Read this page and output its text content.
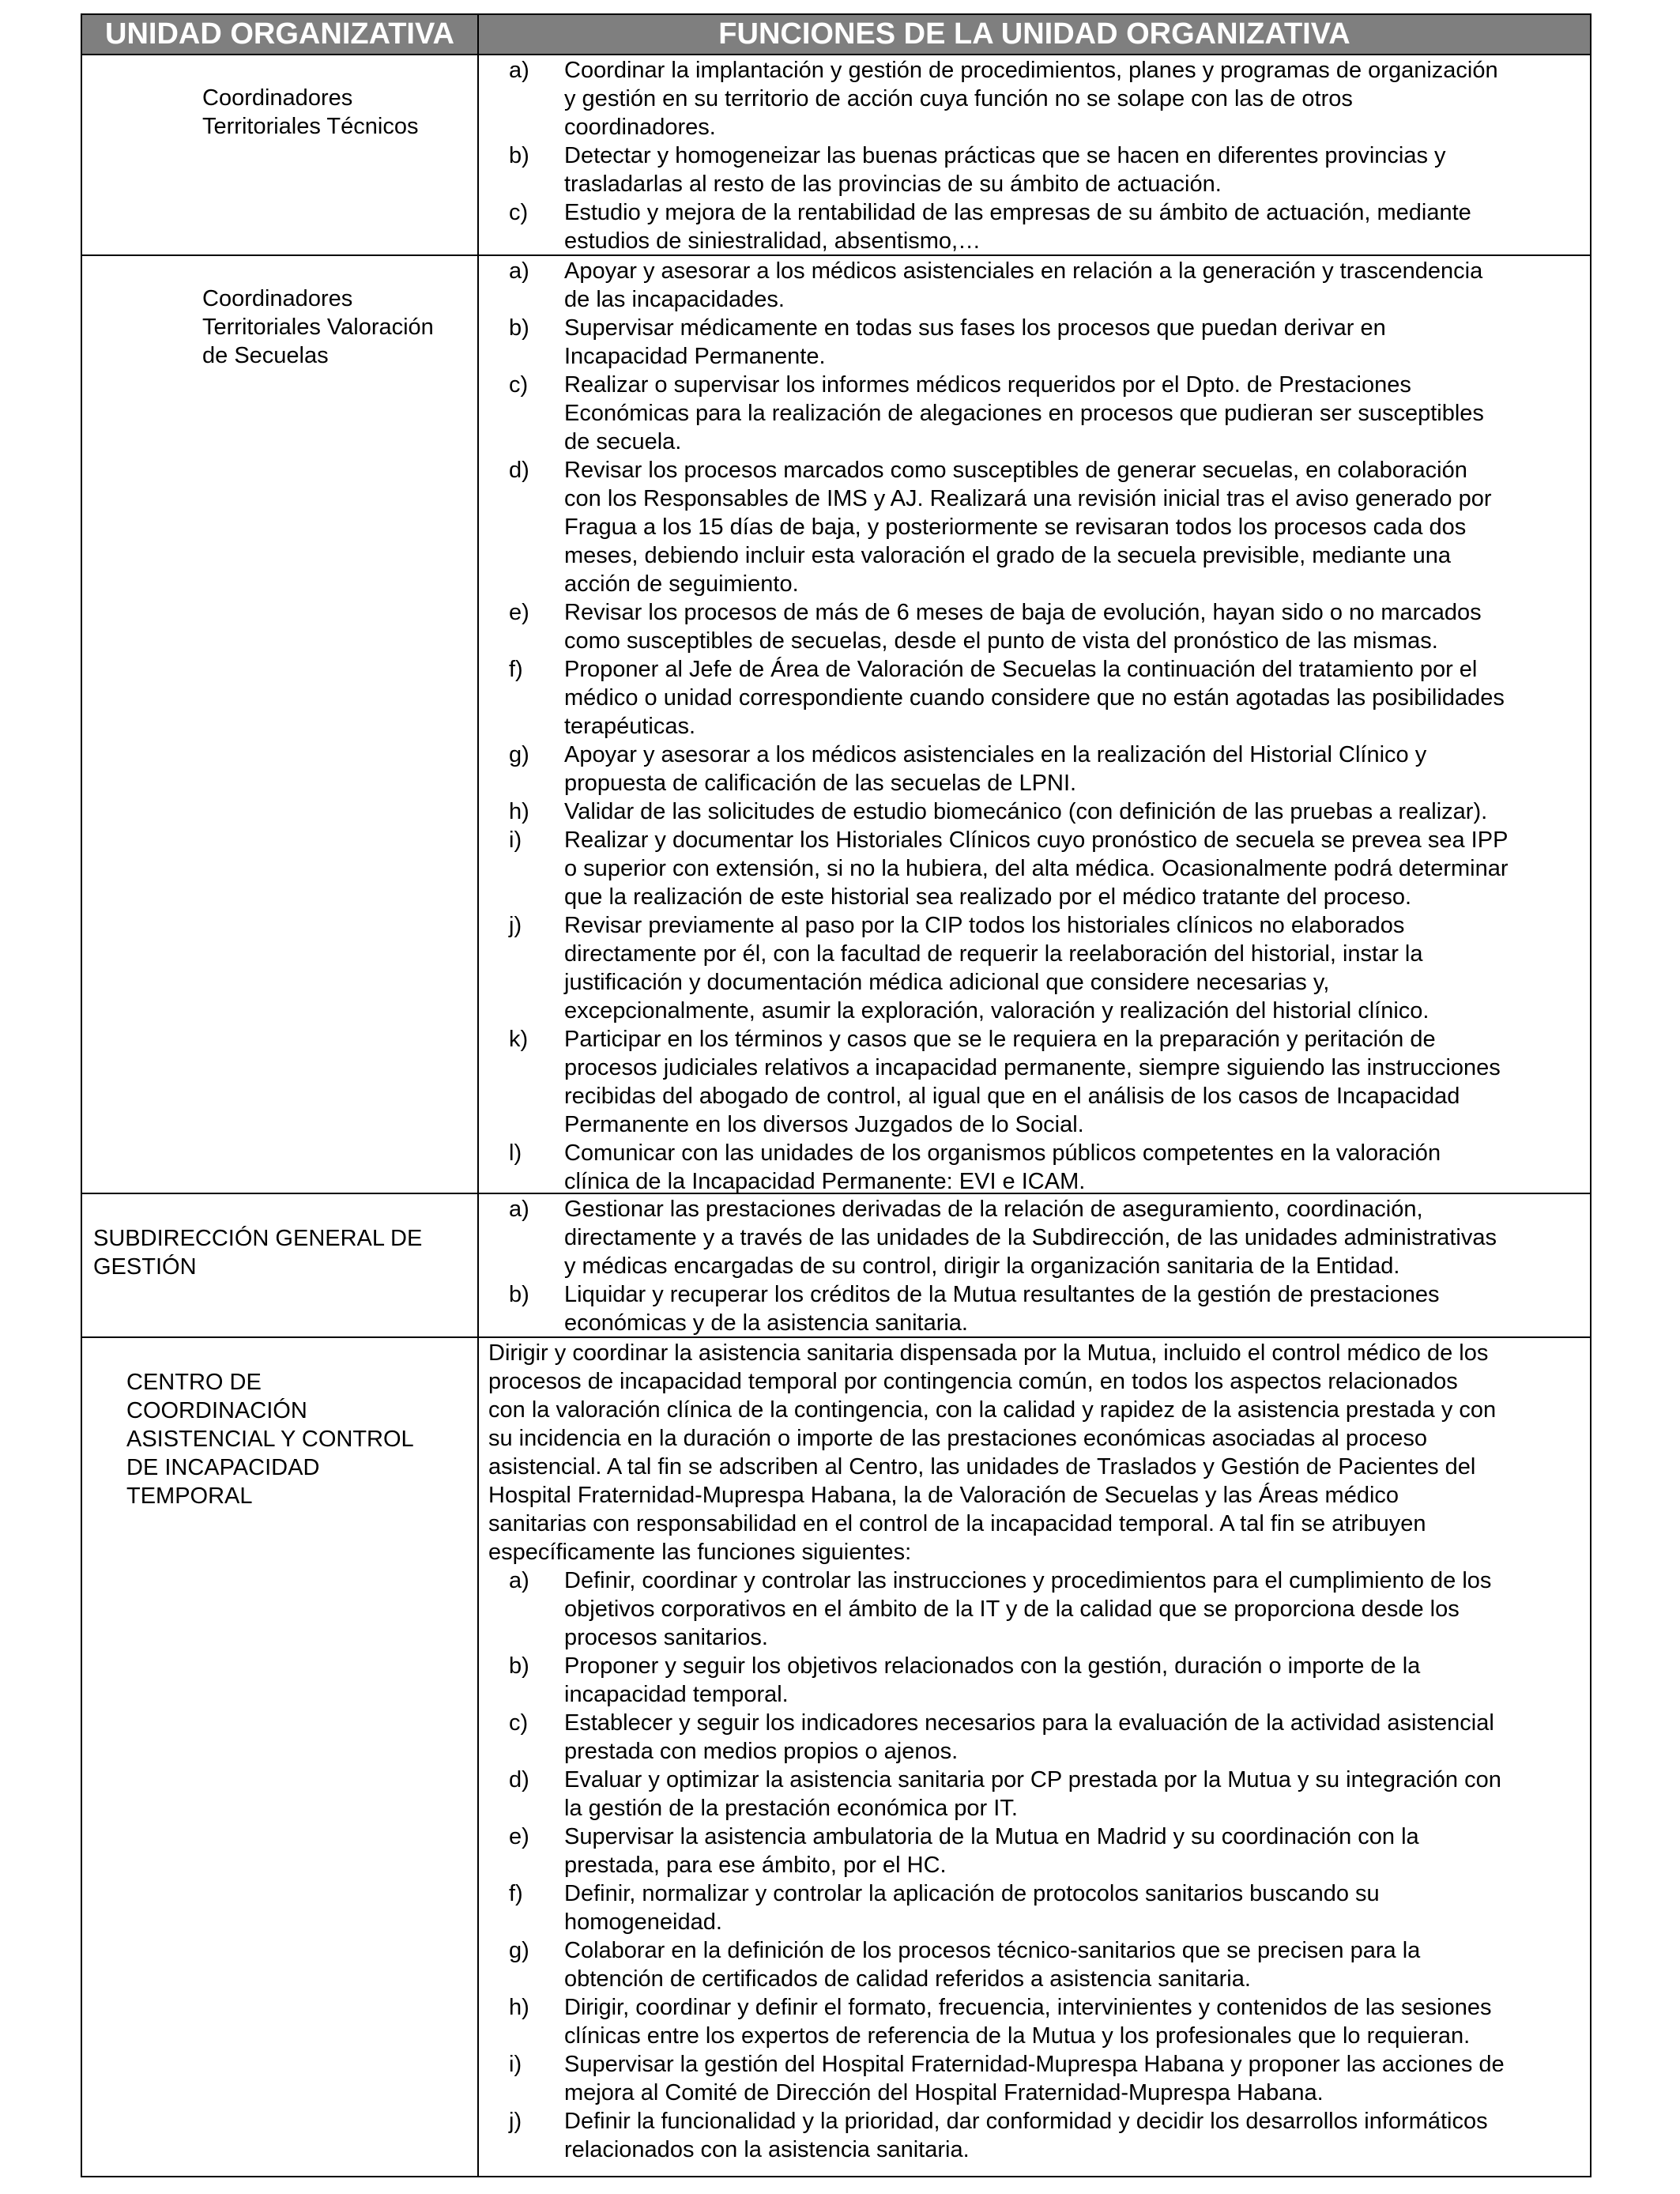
UNIDAD ORGANIZATIVA	FUNCIONES DE LA UNIDAD ORGANIZATIVA
Coordinadores
Territoriales Técnicos
a) Coordinar la implantación y gestión de procedimientos, planes y programas de organización
y gestión en su territorio de acción cuya función no se solape con las de otros
coordinadores.
b) Detectar y homogeneizar las buenas prácticas que se hacen en diferentes provincias y
trasladarlas al resto de las provincias de su ámbito de actuación.
c) Estudio y mejora de la rentabilidad de las empresas de su ámbito de actuación, mediante
estudios de siniestralidad, absentismo,…
Coordinadores
Territoriales Valoración
de Secuelas
a) Apoyar y asesorar a los médicos asistenciales en relación a la generación y trascendencia
de las incapacidades.
b) Supervisar médicamente en todas sus fases los procesos que puedan derivar en
Incapacidad Permanente.
c) Realizar o supervisar los informes médicos requeridos por el Dpto. de Prestaciones
Económicas para la realización de alegaciones en procesos que pudieran ser susceptibles
de secuela.
d) Revisar los procesos marcados como susceptibles de generar secuelas, en colaboración
con los Responsables de IMS y AJ. Realizará una revisión inicial tras el aviso generado por
Fragua a los 15 días de baja, y posteriormente se revisaran todos los procesos cada dos
meses, debiendo incluir esta valoración el grado de la secuela previsible, mediante una
acción de seguimiento.
e) Revisar los procesos de más de 6 meses de baja de evolución, hayan sido o no marcados
como susceptibles de secuelas, desde el punto de vista del pronóstico de las mismas.
f) Proponer al Jefe de Área de Valoración de Secuelas la continuación del tratamiento por el
médico o unidad correspondiente cuando considere que no están agotadas las posibilidades
terapéuticas.
g) Apoyar y asesorar a los médicos asistenciales en la realización del Historial Clínico y
propuesta de calificación de las secuelas de LPNI.
h) Validar de las solicitudes de estudio biomecánico (con definición de las pruebas a realizar).
i) Realizar y documentar los Historiales Clínicos cuyo pronóstico de secuela se prevea sea IPP
o superior con extensión, si no la hubiera, del alta médica. Ocasionalmente podrá determinar
que la realización de este historial sea realizado por el médico tratante del proceso.
j) Revisar previamente al paso por la CIP todos los historiales clínicos no elaborados
directamente por él, con la facultad de requerir la reelaboración del historial, instar la
justificación y documentación médica adicional que considere necesarias y,
excepcionalmente, asumir la exploración, valoración y realización del historial clínico.
k) Participar en los términos y casos que se le requiera en la preparación y peritación de
procesos judiciales relativos a incapacidad permanente, siempre siguiendo las instrucciones
recibidas del abogado de control, al igual que en el análisis de los casos de Incapacidad
Permanente en los diversos Juzgados de lo Social.
l) Comunicar con las unidades de los organismos públicos competentes en la valoración
clínica de la Incapacidad Permanente: EVI e ICAM.
SUBDIRECCIÓN GENERAL DE
GESTIÓN
a) Gestionar las prestaciones derivadas de la relación de aseguramiento, coordinación,
directamente y a través de las unidades de la Subdirección, de las unidades administrativas
y médicas encargadas de su control, dirigir la organización sanitaria de la Entidad.
b) Liquidar y recuperar los créditos de la Mutua resultantes de la gestión de prestaciones
económicas y de la asistencia sanitaria.
CENTRO DE
COORDINACIÓN
ASISTENCIAL Y CONTROL
DE INCAPACIDAD
TEMPORAL
Dirigir y coordinar la asistencia sanitaria dispensada por la Mutua, incluido el control médico de los
procesos de incapacidad temporal por contingencia común, en todos los aspectos relacionados
con la valoración clínica de la contingencia, con la calidad y rapidez de la asistencia prestada y con
su incidencia en la duración o importe de las prestaciones económicas asociadas al proceso
asistencial. A tal fin se adscriben al Centro, las unidades de Traslados y Gestión de Pacientes del
Hospital Fraternidad-Muprespa Habana, la de Valoración de Secuelas y las Áreas médico
sanitarias con responsabilidad en el control de la incapacidad temporal. A tal fin se atribuyen
específicamente las funciones siguientes:
a) Definir, coordinar y controlar las instrucciones y procedimientos para el cumplimiento de los
objetivos corporativos en el ámbito de la IT y de la calidad que se proporciona desde los
procesos sanitarios.
b) Proponer y seguir los objetivos relacionados con la gestión, duración o importe de la
incapacidad temporal.
c) Establecer y seguir los indicadores necesarios para la evaluación de la actividad asistencial
prestada con medios propios o ajenos.
d) Evaluar y optimizar la asistencia sanitaria por CP prestada por la Mutua y su integración con
la gestión de la prestación económica por IT.
e) Supervisar la asistencia ambulatoria de la Mutua en Madrid y su coordinación con la
prestada, para ese ámbito, por el HC.
f) Definir, normalizar y controlar la aplicación de protocolos sanitarios buscando su
homogeneidad.
g) Colaborar en la definición de los procesos técnico-sanitarios que se precisen para la
obtención de certificados de calidad referidos a asistencia sanitaria.
h) Dirigir, coordinar y definir el formato, frecuencia, intervinientes y contenidos de las sesiones
clínicas entre los expertos de referencia de la Mutua y los profesionales que lo requieran.
i) Supervisar la gestión del Hospital Fraternidad-Muprespa Habana y proponer las acciones de
mejora al Comité de Dirección del Hospital Fraternidad-Muprespa Habana.
j) Definir la funcionalidad y la prioridad, dar conformidad y decidir los desarrollos informáticos
relacionados con la asistencia sanitaria.
